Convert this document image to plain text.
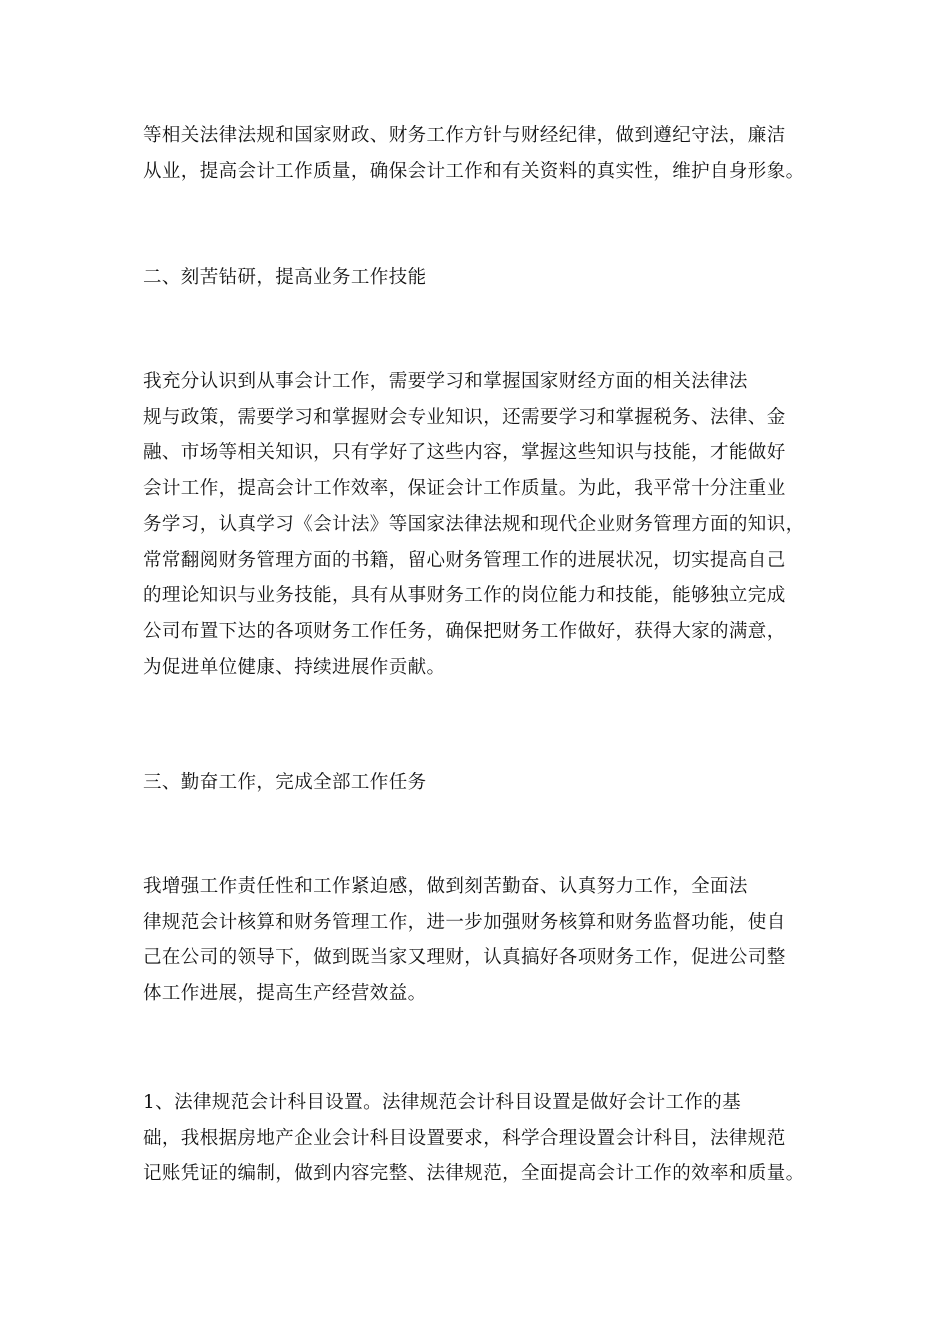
等相关法律法规和国家财政、财务工作方针与财经纪律，做到遵纪守法，廉洁
从业，提高会计工作质量，确保会计工作和有关资料的真实性，维护自身形象。

二、刻苦钻研，提高业务工作技能

我充分认识到从事会计工作，需要学习和掌握国家财经方面的相关法律法
规与政策，需要学习和掌握财会专业知识，还需要学习和掌握税务、法律、金
融、市场等相关知识，只有学好了这些内容，掌握这些知识与技能，才能做好
会计工作，提高会计工作效率，保证会计工作质量。为此，我平常十分注重业
务学习，认真学习《会计法》等国家法律法规和现代企业财务管理方面的知识，
常常翻阅财务管理方面的书籍，留心财务管理工作的进展状况，切实提高自己
的理论知识与业务技能，具有从事财务工作的岗位能力和技能，能够独立完成
公司布置下达的各项财务工作任务，确保把财务工作做好，获得大家的满意，
为促进单位健康、持续进展作贡献。

三、勤奋工作，完成全部工作任务

我增强工作责任性和工作紧迫感，做到刻苦勤奋、认真努力工作，全面法
律规范会计核算和财务管理工作，进一步加强财务核算和财务监督功能，使自
己在公司的领导下，做到既当家又理财，认真搞好各项财务工作，促进公司整
体工作进展，提高生产经营效益。

1、法律规范会计科目设置。法律规范会计科目设置是做好会计工作的基
础，我根据房地产企业会计科目设置要求，科学合理设置会计科目，法律规范
记账凭证的编制，做到内容完整、法律规范，全面提高会计工作的效率和质量。
